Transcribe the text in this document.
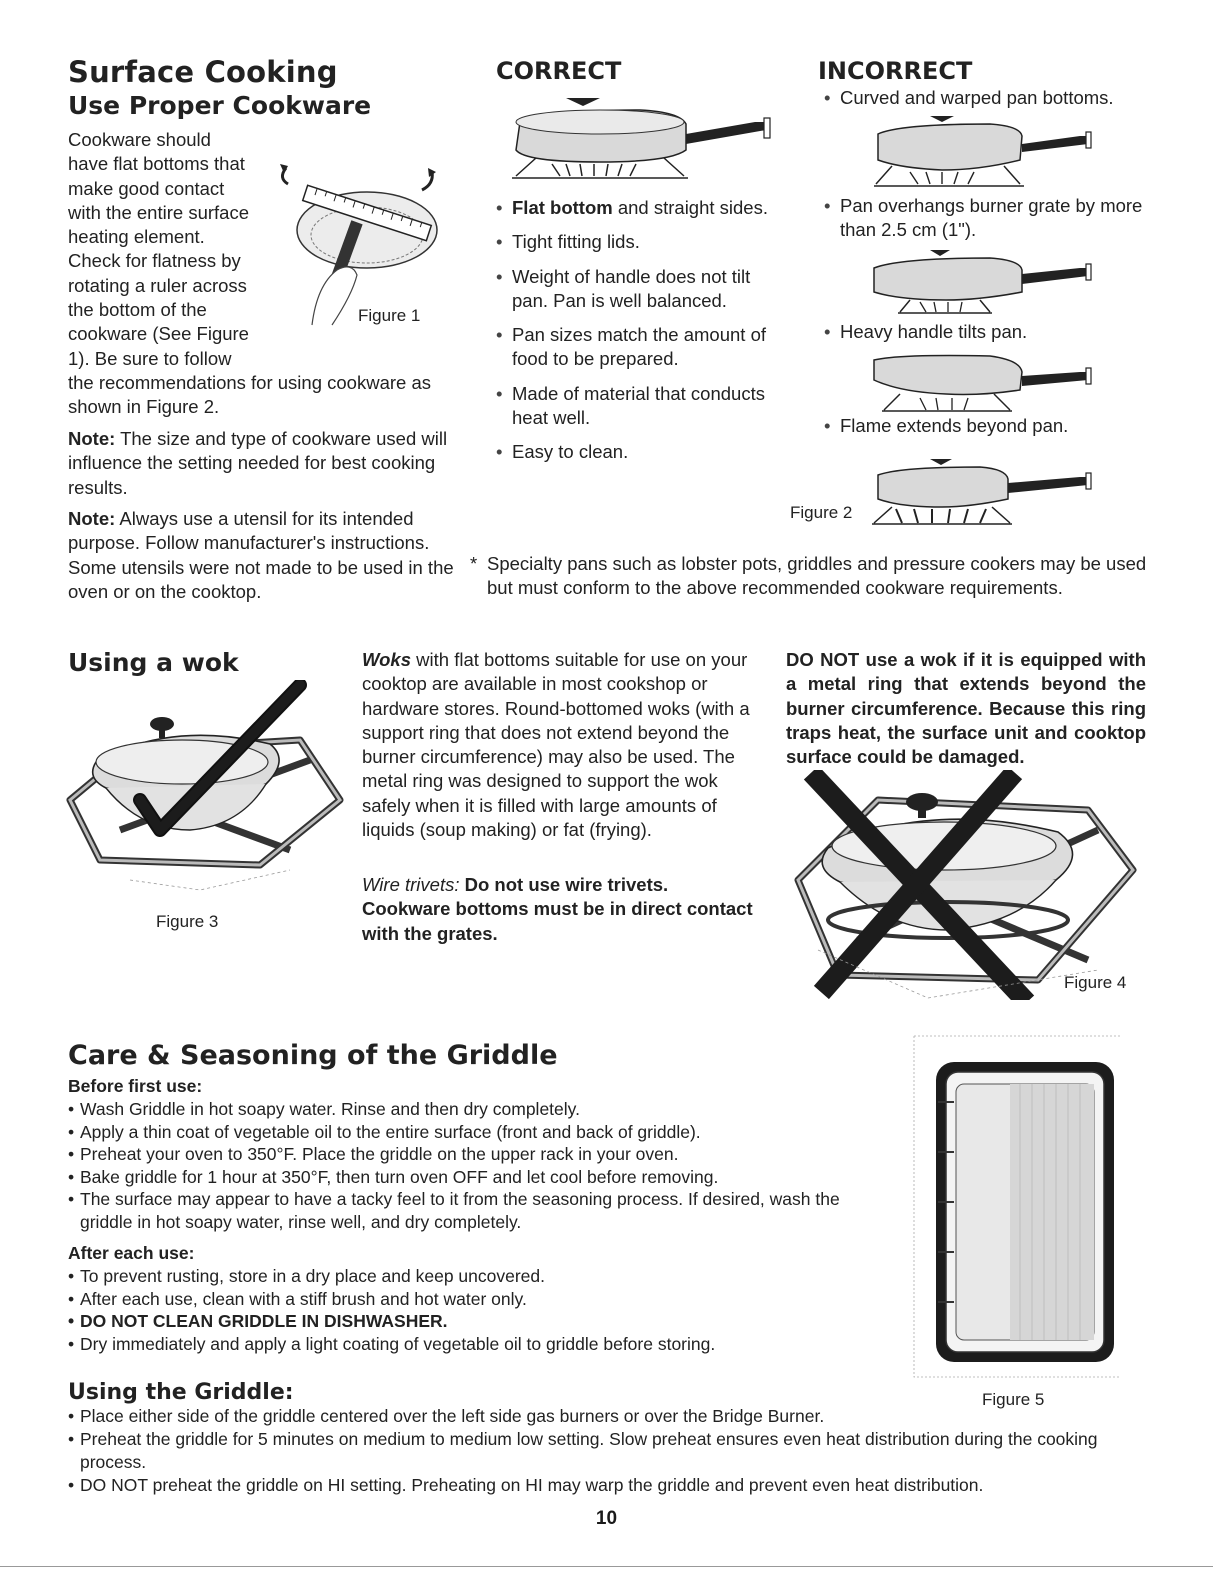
Surface Cooking
Use Proper Cookware
Cookware should
have flat bottoms that
make good contact
with the entire surface
heating element.
Check for flatness by
rotating a ruler across
the bottom of the
cookware (See Figure
1). Be sure to follow
the recommendations for using cookware as shown in Figure 2.
Note: The size and type of cookware used will influence the setting needed for best cooking results.
Note: Always use a utensil for its intended purpose. Follow manufacturer's instructions. Some utensils were not made to be used in the oven or on the cooktop.
Figure 1
CORRECT
• Flat bottom and straight sides.
• Tight fitting lids.
• Weight of handle does not tilt pan. Pan is well balanced.
• Pan sizes match the amount of food to be prepared.
• Made of material that conducts heat well.
• Easy to clean.
Figure 2
INCORRECT
• Curved and warped pan bottoms.
• Pan overhangs burner grate by more than 2.5 cm (1").
• Heavy handle tilts pan.
• Flame extends beyond pan.
* Specialty pans such as lobster pots, griddles and pressure cookers may be used but must conform to the above recommended cookware requirements.
Using a wok
Figure 3
Woks with flat bottoms suitable for use on your cooktop are available in most cookshop or hardware stores. Round-bottomed woks (with a support ring that does not extend beyond the burner circumference) may also be used. The metal ring was designed to support the wok safely when it is filled with large amounts of liquids (soup making) or fat (frying).
Wire trivets: Do not use wire trivets. Cookware bottoms must be in direct contact with the grates.
DO NOT use a wok if it is equipped with a metal ring that extends beyond the burner circumference. Because this ring traps heat, the surface unit and cooktop surface could be damaged.
Figure 4
Care & Seasoning of the Griddle
Before first use:
• Wash Griddle in hot soapy water. Rinse and then dry completely.
• Apply a thin coat of vegetable oil to the entire surface (front and back of griddle).
• Preheat your oven to 350°F. Place the griddle on the upper rack in your oven.
• Bake griddle for 1 hour at 350°F, then turn oven OFF and let cool before removing.
• The surface may appear to have a tacky feel to it from the seasoning process. If desired, wash the griddle in hot soapy water, rinse well, and dry completely.
After each use:
• To prevent rusting, store in a dry place and keep uncovered.
• After each use, clean with a stiff brush and hot water only.
• DO NOT CLEAN GRIDDLE IN DISHWASHER.
• Dry immediately and apply a light coating of vegetable oil to griddle before storing.
Figure 5
Using the Griddle:
• Place either side of the griddle centered over the left side gas burners or over the Bridge Burner.
• Preheat the griddle for 5 minutes on medium to medium low setting. Slow preheat ensures even heat distribution during the cooking process.
• DO NOT preheat the griddle on HI setting. Preheating on HI may warp the griddle and prevent even heat distribution.
10
